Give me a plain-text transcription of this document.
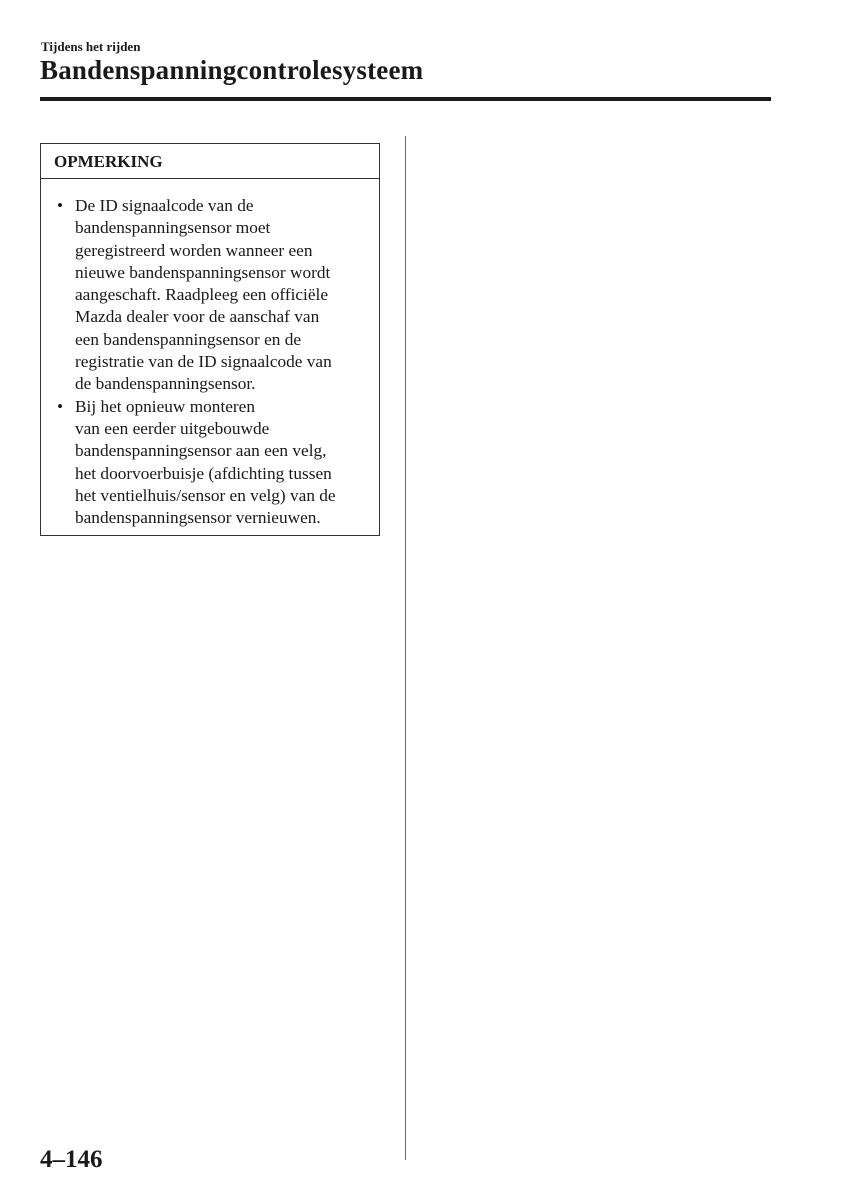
Tijdens het rijden
Bandenspanningcontrolesysteem
OPMERKING
• De ID signaalcode van de
bandenspanningsensor moet
geregistreerd worden wanneer een
nieuwe bandenspanningsensor wordt
aangeschaft. Raadpleeg een officiële
Mazda dealer voor de aanschaf van
een bandenspanningsensor en de
registratie van de ID signaalcode van
de bandenspanningsensor.
• Bij het opnieuw monteren
van een eerder uitgebouwde
bandenspanningsensor aan een velg,
het doorvoerbuisje (afdichting tussen
het ventielhuis/sensor en velg) van de
bandenspanningsensor vernieuwen.
4–146
